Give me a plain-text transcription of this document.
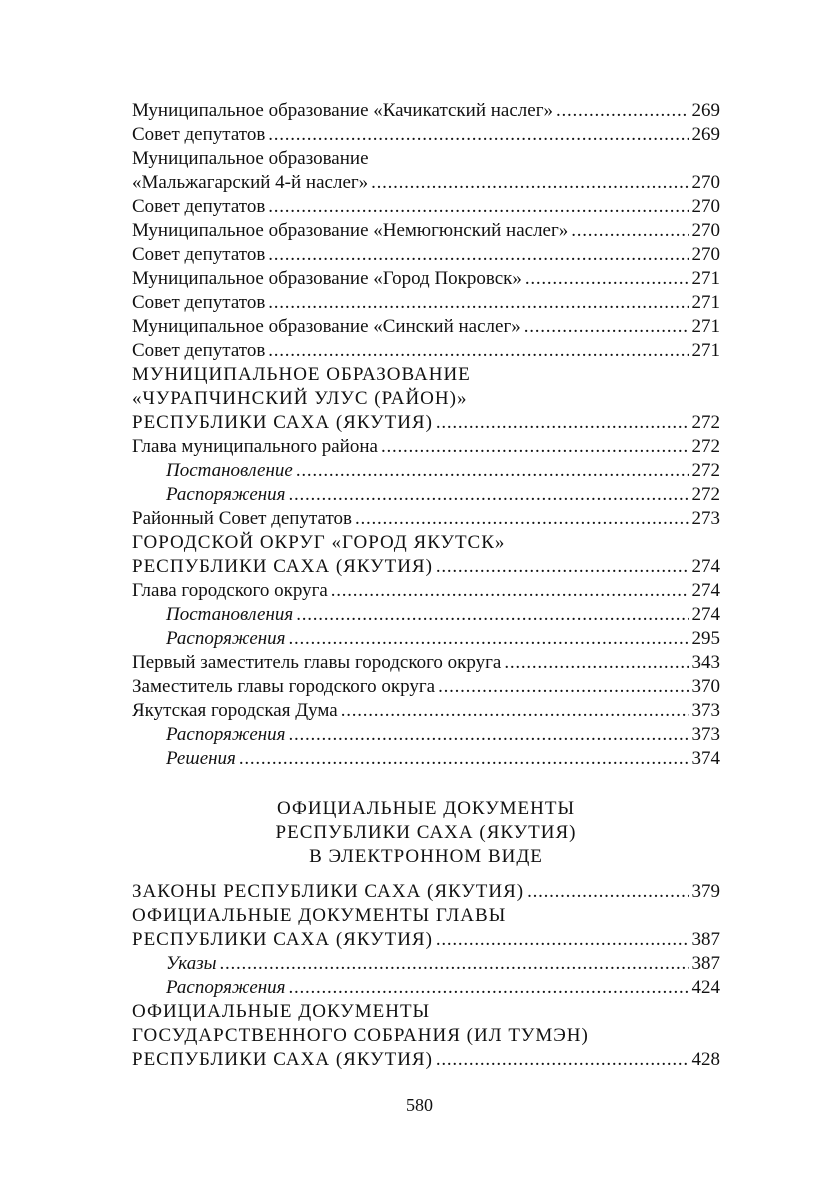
Муниципальное образование «Качикатский наслег» . . .	269
Совет депутатов . . .	269
Муниципальное образование
«Мальжагарский 4-й наслег» . . .	270
Совет депутатов . . .	270
Муниципальное образование «Немюгюнский наслег» . . .	270
Совет депутатов . . .	270
Муниципальное образование «Город Покровск» . . .	271
Совет депутатов . . .	271
Муниципальное образование «Синский наслег» . . .	271
Совет депутатов . . .	271
МУНИЦИПАЛЬНОЕ ОБРАЗОВАНИЕ
«ЧУРАПЧИНСКИЙ УЛУС (РАЙОН)»
РЕСПУБЛИКИ САХА (ЯКУТИЯ) . . .	272
Глава муниципального района . . .	272
Постановление . . .	272
Распоряжения . . .	272
Районный Совет депутатов . . .	273
ГОРОДСКОЙ ОКРУГ «ГОРОД ЯКУТСК»
РЕСПУБЛИКИ САХА (ЯКУТИЯ) . . .	274
Глава городского округа . . .	274
Постановления . . .	274
Распоряжения . . .	295
Первый заместитель главы городского округа . . .	343
Заместитель главы городского округа . . .	370
Якутская городская Дума . . .	373
Распоряжения . . .	373
Решения . . .	374
ОФИЦИАЛЬНЫЕ ДОКУМЕНТЫ
РЕСПУБЛИКИ САХА (ЯКУТИЯ)
В ЭЛЕКТРОННОМ ВИДЕ
ЗАКОНЫ РЕСПУБЛИКИ САХА (ЯКУТИЯ) . . .	379
ОФИЦИАЛЬНЫЕ ДОКУМЕНТЫ ГЛАВЫ
РЕСПУБЛИКИ САХА (ЯКУТИЯ) . . .	387
Указы . . .	387
Распоряжения . . .	424
ОФИЦИАЛЬНЫЕ ДОКУМЕНТЫ
ГОСУДАРСТВЕННОГО СОБРАНИЯ (ИЛ ТУМЭН)
РЕСПУБЛИКИ САХА (ЯКУТИЯ) . . .	428
580
